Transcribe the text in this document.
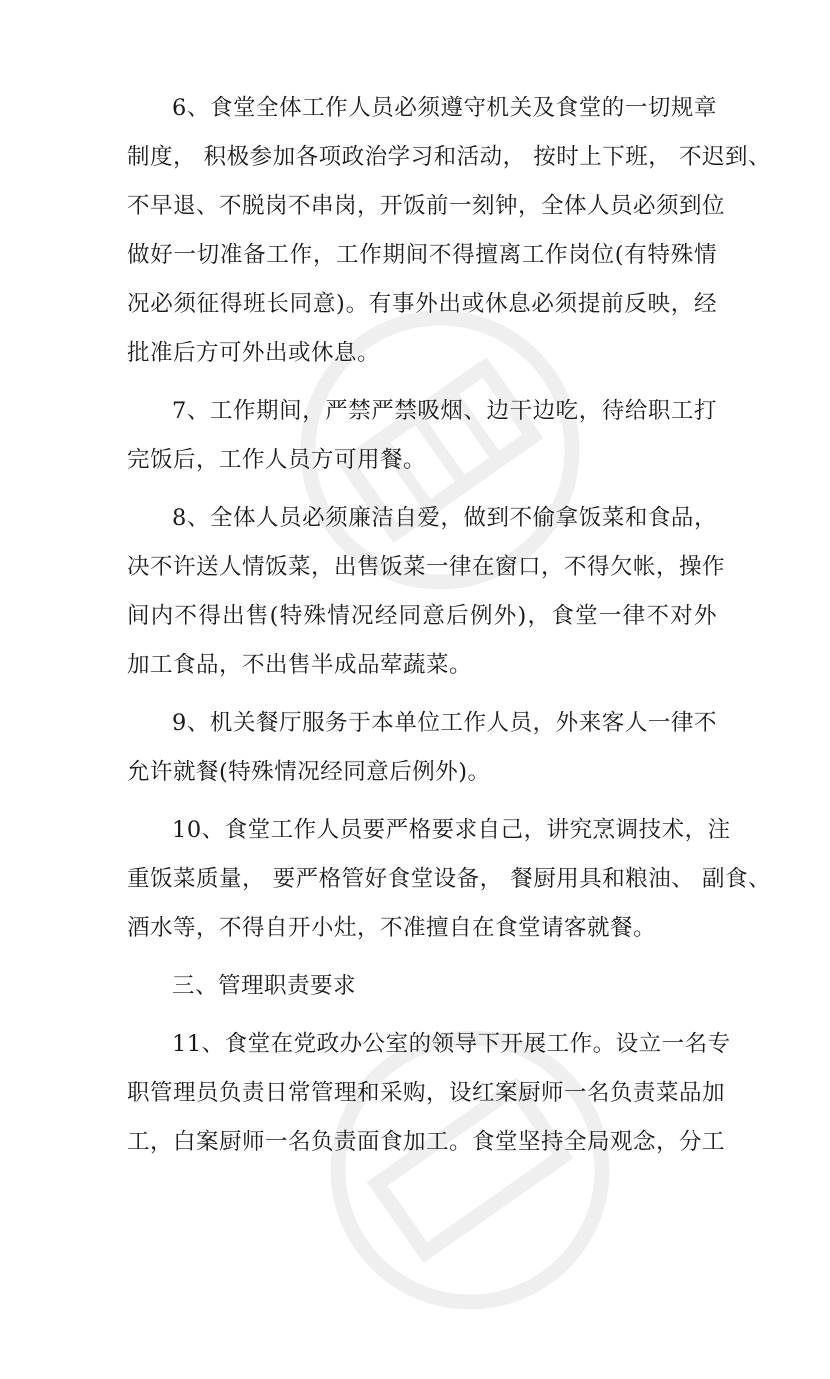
6、食堂全体工作人员必须遵守机关及食堂的一切规章
制度， 积极参加各项政治学习和活动， 按时上下班， 不迟到、
不早退、不脱岗不串岗，开饭前一刻钟，全体人员必须到位
做好一切准备工作，工作期间不得擅离工作岗位(有特殊情
况必须征得班长同意)。有事外出或休息必须提前反映，经
批准后方可外出或休息。
7、工作期间，严禁严禁吸烟、边干边吃，待给职工打
完饭后，工作人员方可用餐。
8、全体人员必须廉洁自爱，做到不偷拿饭菜和食品，
决不许送人情饭菜，出售饭菜一律在窗口，不得欠帐，操作
间内不得出售(特殊情况经同意后例外)，食堂一律不对外
加工食品，不出售半成品荤蔬菜。
9、机关餐厅服务于本单位工作人员，外来客人一律不
允许就餐(特殊情况经同意后例外)。
10、食堂工作人员要严格要求自己，讲究烹调技术，注
重饭菜质量， 要严格管好食堂设备， 餐厨用具和粮油、 副食、
酒水等，不得自开小灶，不准擅自在食堂请客就餐。
三、管理职责要求
11、食堂在党政办公室的领导下开展工作。设立一名专
职管理员负责日常管理和采购，设红案厨师一名负责菜品加
工，白案厨师一名负责面食加工。食堂坚持全局观念，分工
